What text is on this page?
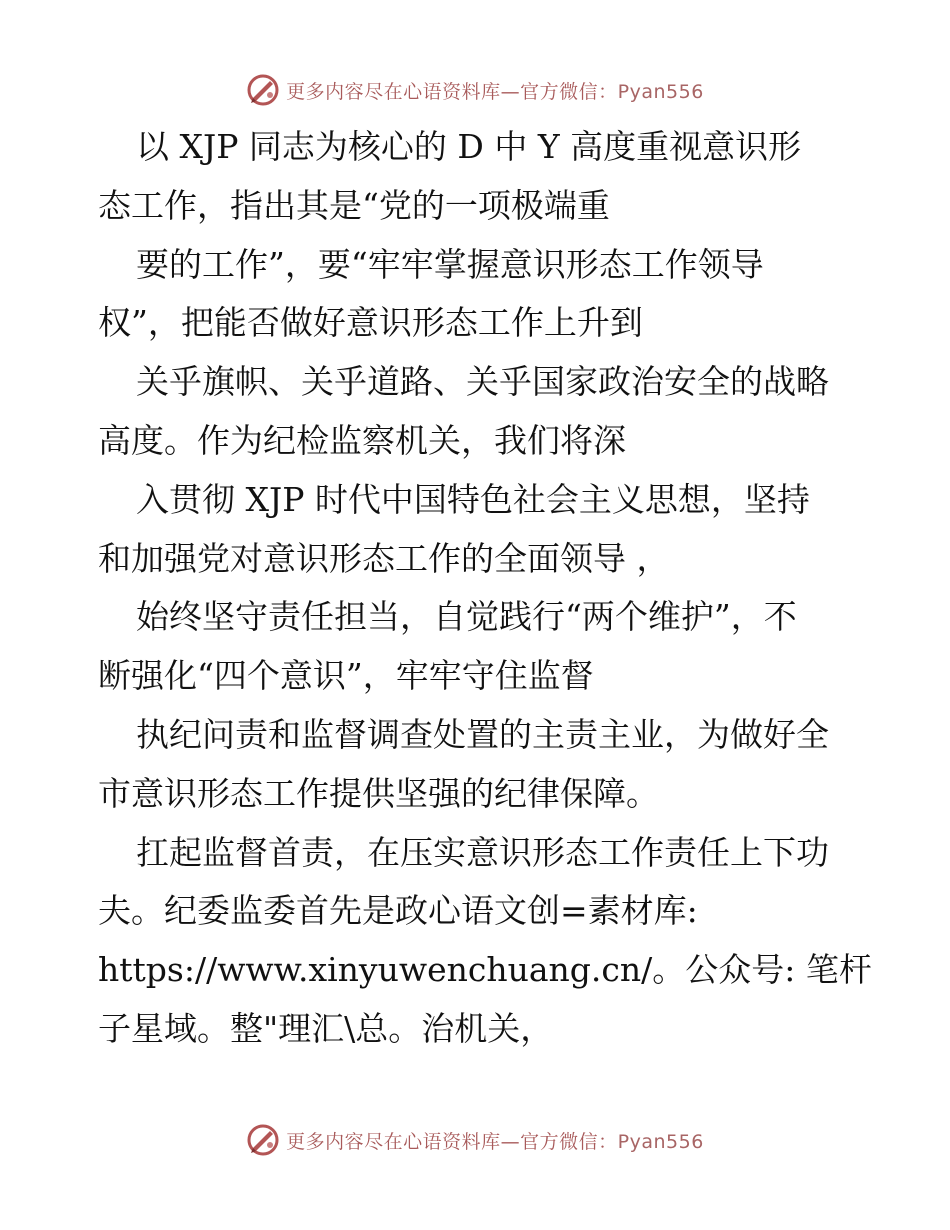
更多内容尽在心语资料库—官方微信：Pyan556
以 XJP 同志为核心的 D 中 Y 高度重视意识形
态工作，指出其是“党的一项极端重
要的工作”，要“牢牢掌握意识形态工作领导
权”，把能否做好意识形态工作上升到
关乎旗帜、关乎道路、关乎国家政治安全的战略
高度。作为纪检监察机关，我们将深
入贯彻 XJP 时代中国特色社会主义思想，坚持
和加强党对意识形态工作的全面领导 ，
始终坚守责任担当，自觉践行“两个维护”，不
断强化“四个意识”，牢牢守住监督
执纪问责和监督调查处置的主责主业，为做好全
市意识形态工作提供坚强的纪律保障。
扛起监督首责，在压实意识形态工作责任上下功
夫。纪委监委首先是政心语文创=素材库:
https://www.xinyuwenchuang.cn/。公众号: 笔杆
子星域。整"理汇\总。治机关，
更多内容尽在心语资料库—官方微信：Pyan556
